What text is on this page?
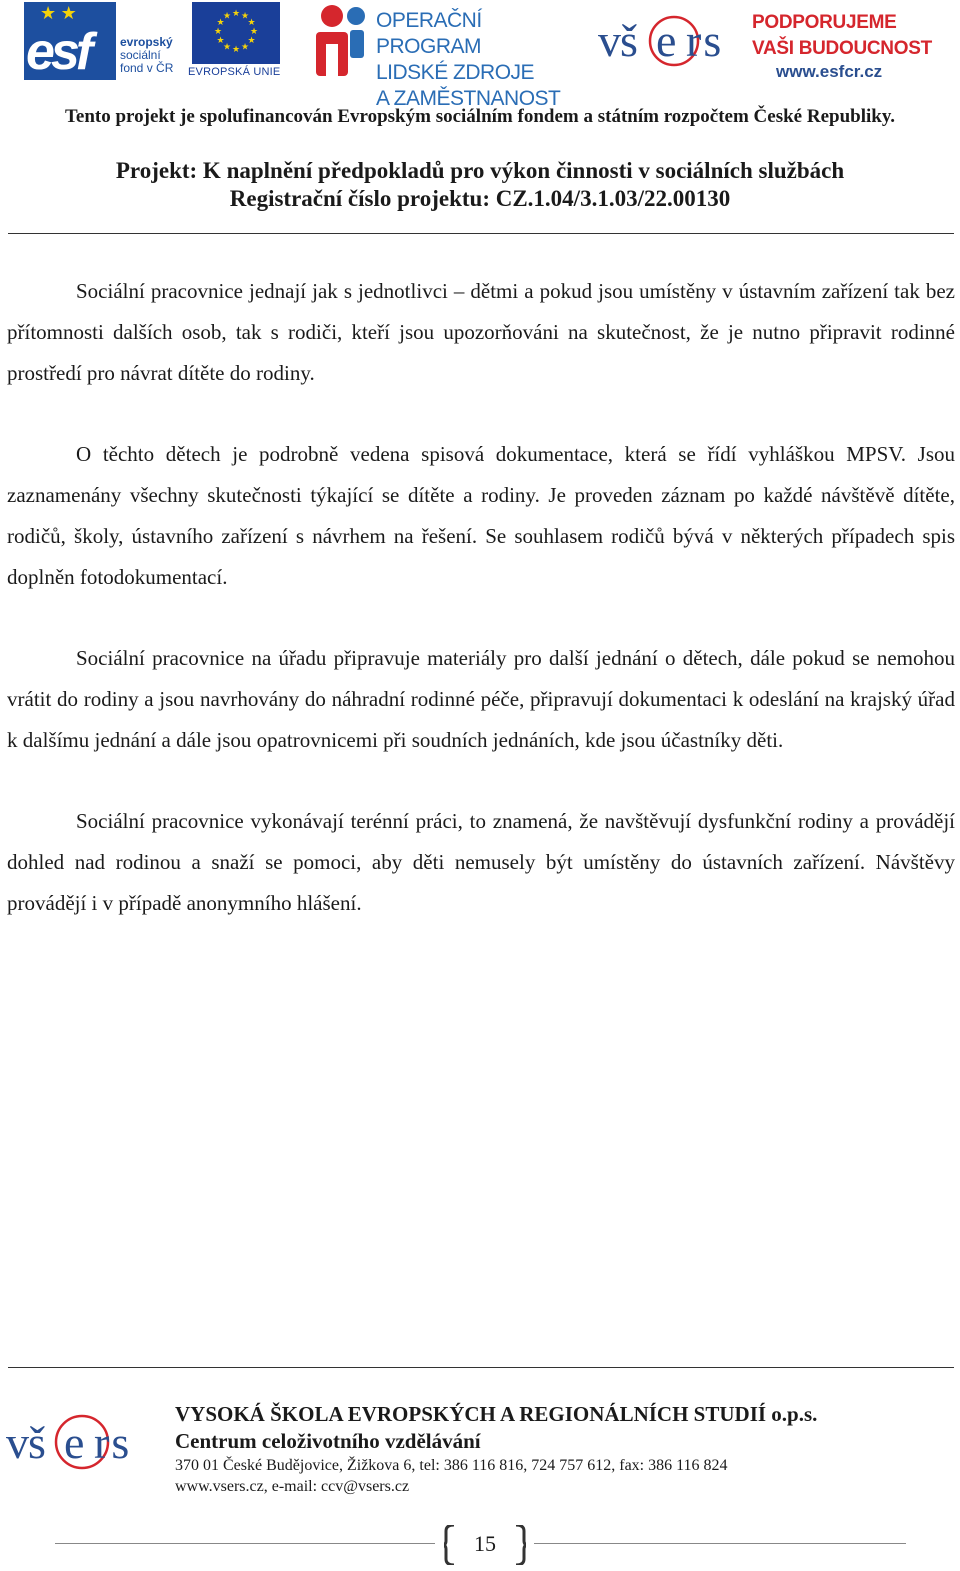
★ ★
esf	evropský
sociální
fond v ČR
★ ★
★
★
★
★
★
★
★
★
★
★
EVROPSKÁ UNIE
OPERAČNÍ PROGRAM
LIDSKÉ ZDROJE
A ZAMĚSTNANOST
vš e rs PODPORUJEME
VAŠI BUDOUCNOST
www.esfcr.cz
Tento projekt je spolufinancován Evropským sociálním fondem a státním rozpočtem České Republiky.
Projekt: K naplnění předpokladů pro výkon činnosti v sociálních službách
Registrační číslo projektu: CZ.1.04/3.1.03/22.00130

Sociální pracovnice jednají jak s jednotlivci – dětmi a pokud jsou umístěny v ústavním zařízení tak bez přítomnosti dalších osob, tak s rodiči, kteří jsou upozorňováni na skutečnost, že je nutno připravit rodinné prostředí pro návrat dítěte do rodiny.

O těchto dětech je podrobně vedena spisová dokumentace, která se řídí vyhláškou MPSV. Jsou zaznamenány všechny skutečnosti týkající se dítěte a rodiny. Je proveden záznam po každé návštěvě dítěte, rodičů, školy, ústavního zařízení s návrhem na řešení. Se souhlasem rodičů bývá v některých případech spis doplněn fotodokumentací.

Sociální pracovnice na úřadu připravuje materiály pro další jednání o dětech, dále pokud se nemohou vrátit do rodiny a jsou navrhovány do náhradní rodinné péče, připravují dokumentaci k odeslání na krajský úřad k dalšímu jednání a dále jsou opatrovnicemi při soudních jednáních, kde jsou účastníky děti.

Sociální pracovnice vykonávají terénní práci, to znamená, že navštěvují dysfunkční rodiny a provádějí dohled nad rodinou a snaží se pomoci, aby děti nemusely být umístěny do ústavních zařízení. Návštěvy provádějí i v případě anonymního hlášení.

vš e rs
VYSOKÁ ŠKOLA EVROPSKÝCH A REGIONÁLNÍCH STUDIÍ o.p.s.
Centrum celoživotního vzdělávání
370 01 České Budějovice, Žižkova 6, tel: 386 116 816, 724 757 612, fax: 386 116 824
www.vsers.cz, e-mail: ccv@vsers.cz
15
